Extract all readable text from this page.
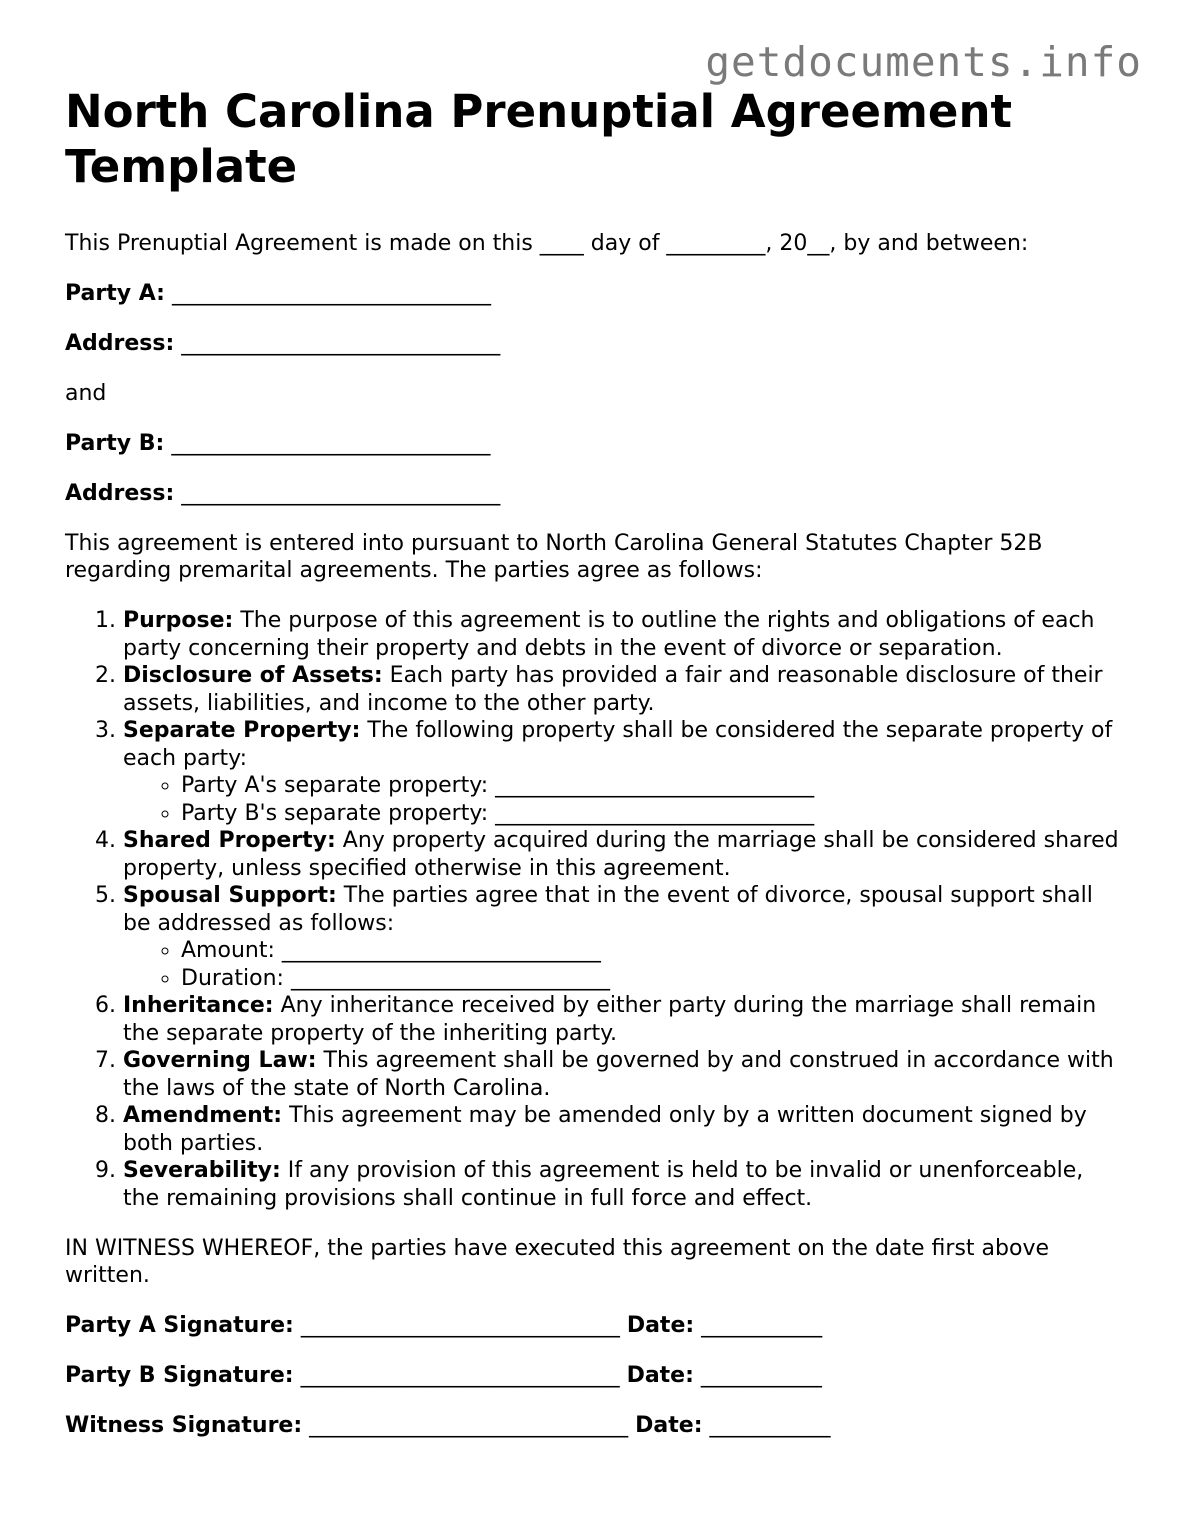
getdocuments.info
North Carolina Prenuptial Agreement Template

This Prenuptial Agreement is made on this ____ day of _________, 20__, by and between:

Party A: _____________________________

Address: _____________________________

and

Party B: _____________________________

Address: _____________________________

This agreement is entered into pursuant to North Carolina General Statutes Chapter 52B regarding premarital agreements. The parties agree as follows:

1. Purpose: The purpose of this agreement is to outline the rights and obligations of each party concerning their property and debts in the event of divorce or separation.
2. Disclosure of Assets: Each party has provided a fair and reasonable disclosure of their assets, liabilities, and income to the other party.
3. Separate Property: The following property shall be considered the separate property of each party:
◦ Party A's separate property: _____________________________
◦ Party B's separate property: _____________________________
4. Shared Property: Any property acquired during the marriage shall be considered shared property, unless specified otherwise in this agreement.
5. Spousal Support: The parties agree that in the event of divorce, spousal support shall be addressed as follows:
◦ Amount: _____________________________
◦ Duration: _____________________________
6. Inheritance: Any inheritance received by either party during the marriage shall remain the separate property of the inheriting party.
7. Governing Law: This agreement shall be governed by and construed in accordance with the laws of the state of North Carolina.
8. Amendment: This agreement may be amended only by a written document signed by both parties.
9. Severability: If any provision of this agreement is held to be invalid or unenforceable, the remaining provisions shall continue in full force and effect.

IN WITNESS WHEREOF, the parties have executed this agreement on the date first above written.

Party A Signature: _____________________________ Date: ___________

Party B Signature: _____________________________ Date: ___________

Witness Signature: _____________________________ Date: ___________
